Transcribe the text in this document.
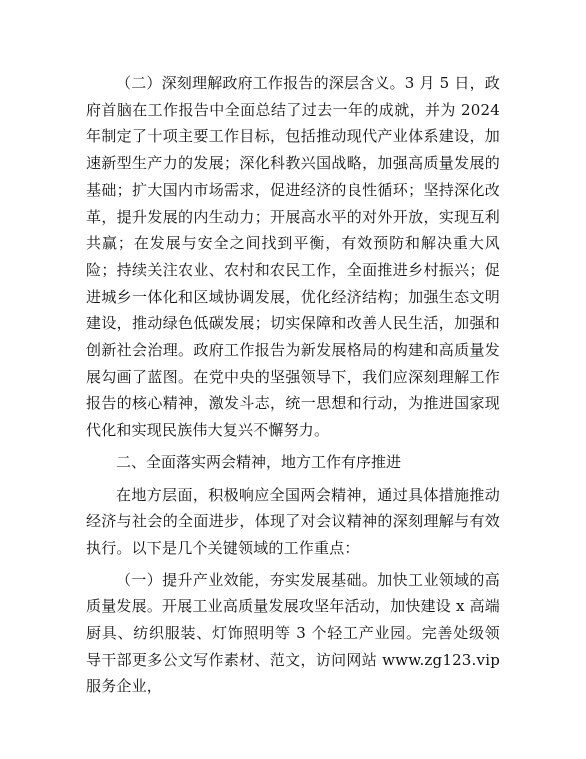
（二）深刻理解政府工作报告的深层含义。3 月 5 日，政府首脑在工作报告中全面总结了过去一年的成就，并为 2024 年制定了十项主要工作目标，包括推动现代产业体系建设，加速新型生产力的发展；深化科教兴国战略，加强高质量发展的基础；扩大国内市场需求，促进经济的良性循环；坚持深化改革，提升发展的内生动力；开展高水平的对外开放，实现互利共赢；在发展与安全之间找到平衡，有效预防和解决重大风险；持续关注农业、农村和农民工作，全面推进乡村振兴；促进城乡一体化和区域协调发展，优化经济结构；加强生态文明建设，推动绿色低碳发展；切实保障和改善人民生活，加强和创新社会治理。政府工作报告为新发展格局的构建和高质量发展勾画了蓝图。在党中央的坚强领导下，我们应深刻理解工作报告的核心精神，激发斗志，统一思想和行动，为推进国家现代化和实现民族伟大复兴不懈努力。

二、全面落实两会精神，地方工作有序推进

在地方层面，积极响应全国两会精神，通过具体措施推动经济与社会的全面进步，体现了对会议精神的深刻理解与有效执行。以下是几个关键领域的工作重点：

（一）提升产业效能，夯实发展基础。加快工业领域的高质量发展。开展工业高质量发展攻坚年活动，加快建设 x 高端厨具、纺织服装、灯饰照明等 3 个轻工产业园。完善处级领导干部更多公文写作素材、范文，访问网站 www.zg123.vip 服务企业，
